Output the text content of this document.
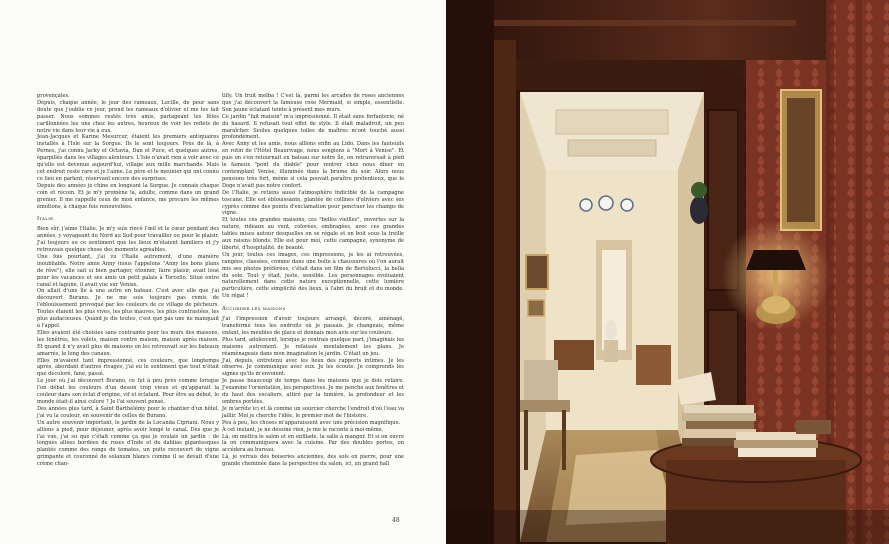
provençales.

Depuis, chaque année, le jour des rameaux, Lucille, de peur sans doute que j'oublie ce jour, prend les rameaux d'olivier et me les fait passer. Nous sommes restés très amis, partageant les fêtes carillonnées les uns chez les autres, heureux de voir les reflets de notre vie dans leur vie à eux.

Jean-Jacques et Karine Mesurcur, étaient les premiers antiquaires installés à l'Isle sur la Sorgue. Ils le sont toujours. Près de là, à Pernes, j'ai connu Jacky et Octavia, Dan et Puce, et quelques autres, éparpillés dans les villages alentours. L'Isle n'avait rien à voir avec ce qu'elle est devenue aujourd'hui, village aux mille marchands. Mais cet endroit reste rare et je l'aime. Le père et le meunier qui ont connu ce lieu en parlent, réservant encore des surprises.

Depuis des années je chine en longeant la Sorgue. Je connais chaque coin et recoin. Et je m'y promène là, adulte, comme dans un grand grenier. Il me rappelle ceux de mon enfance, me procure les mêmes émotions, à chaque fois renouvelées.

Italie

Bien sûr, j'aime l'Italie. Je m'y suis rincé l'œil et le cœur pendant des années, y voyageant du Nord au Sud pour travailler ou pour le plaisir. J'ai toujours eu ce sentiment que les lieux m'étaient familiers et j'y retrouvais quelque chose des moments agréables.

Une fois pourtant, j'ai vu l'Italie autrement, d'une manière inoubliable. Notre amie Anny (nous l'appelons "Anny les bons plans de rêve"), elle sait si bien partager, étonner, faire plaisir, avait loué pour les vacances et ses amis un petit palais à Torcello. Situé entre canal et lagune, il avait vue sur Venise.

On allait d'une île à une autre en bateau. C'est avec elle que j'ai découvert Burano. Je ne me suis toujours pas remis de l'éblouissement provoqué par les couleurs de ce village de pêcheurs. Toutes étaient les plus vives, les plus mauves, les plus contrastées, les plus audacieuses. Quand je dis toutes, c'est que pas une ne manquait à l'appel.

Elles avaient été choisies sans contrainte pour les murs des maisons, les fenêtres, les volets, maison contre maison, maison après maison. Et quand il n'y avait plus de maisons on les retrouvait sur les bateaux amarrés, le long des canaux.

Elles m'avaient tant impressionné, ces couleurs, que longtemps après, abordant d'autres rivages, j'ai eu le sentiment que tout n'était que décoloré, fané, passé.

Le jour où j'ai découvert Burano, ce fut à peu près comme lorsque l'on débat les couleurs d'un dessin trop vieux et qu'apparait la couleur dans son éclat d'origine, vif et éclatant. Pour être au début, le monde était-il ainsi coloré ? Je l'ai souvent pensé.

Des années plus tard, à Saint Barthélémy pour le chantier d'un hôtel, j'ai vu la couleur, en souvenir de celles de Burano.

Un autre souvenir important, le jardin de la Locanda Cipriani. Nous y allions à pied, pour déjeuner, après avoir longé le canal. Dès que je l'ai vue, j'ai su que c'était comme ça que je voulais un jardin : de longues allées bordées de roses d'Inde et de dahlias gigantesques plantés comme des rangs de tomates, un puits recouvert de vigne grimpante et couronné de solanum blancs comme il se devait d'une crème chan-

tilly. Un fruit melba ! C'est là, parmi les arcades de roses anciennes que j'ai découvert la fameuse rose Mermaid, si simple, essentielle. Son jaune éclatant teinte à présent mes murs.

Ce jardin "fait maison" m'a impressionné. Il était sans forfanterie, né du hasard. Il refusait tout effet de style. Il était maladroit, un peu maraîcher. Seules quelques toiles de maîtres m'ont touché aussi profondément.

Avec Anny et les amis, nous allions enfin au Lido. Dans les fauteuils en rotin de l'Hôtel Beaurivage, nous songions à "Mort à Venise". Et puis on s'en retournait en bateau sur notre île, on retraversait à pied le fameux "pont du diable" pour rentrer chez nous dîner en contemplant Venise, illuminée dans la brume du soir. Alors nous pensions très fort, même si cela pouvait paraître prétentieux, que le Doge n'avait pas notre confort.

De l'Italie, je retiens aussi l'atmosphère indicible de la campagne toscane. Elle est éblouissante, plantée de collines d'oliviers avec ses cyprès comme des points d'exclamation pour ponctuer les champs de vigne.

Et toutes ces grandes maisons, ces "belles vieilles", ouvertes sur la nature, rideaux au vent, colorées, ombragées, avec ces grandes tables mises autour desquelles on se régale et on boit sous la treille aux raisins blonds. Elle est pour moi, cette campagne, synonyme de liberté, d'hospitalité, de beauté.

Un jour, toutes ces images, ces impressions, je les ai retrouvées, rangées, classées, comme dans une boîte à chaussures où l'on aurait mis ses photos préférées, c'était dans un film de Bertolucci, la bella du sole. Tout y était, juste, sensible. Les personnages évoluaient naturellement dans cette nature exceptionnelle, cette lumière particulière, cette simplicité des lieux, à l'abri du bruit et du monde. Un régal !

Accorder les maisons

J'ai l'impression d'avoir toujours arrangé, décoré, aménagé, transformé tous les endroits où je passais. Je changeais, même enfant, les meubles de place et donnais mon avis sur les couleurs.

Plus tard, adolescent, lorsque je rentrais quelque part, j'imaginais les maisons autrement. Je refaisais mentalement les plans. Je réaménageais dans mon imagination le jardin. C'était un jeu.

J'ai, depuis, entretenu avec les lieux des rapports intimes. Je les observe. Je communique avec eux. Je les écoute. Je comprends les signes qu'ils m'envoient.

Je passe beaucoup de temps dans les maisons que je dois refaire. J'examine l'orientation, les perspectives. Je me penche aux fenêtres et du haut des escaliers, attiré par la lumière, la profondeur et les ombres portées.

Je m'arrête ici et là comme un sourcier cherche l'endroit d'où l'eau va jaillir. Moi je cherche l'idée, le premier mot de l'histoire.

Peu à peu, les choses m'apparaissent avec une précision magnifique.

À cet instant, je ne dessine rien, je me le raconte à moi-même.

Là, on mettra le salon et en enfilade, la salle à manger. Et si on ouvre là on communiquera avec la cuisine. Par des doubles portes, on accédera au bureau.

Là, je verrais des boiseries anciennes, des sols en pierre, pour une grande cheminée dans la perspective du salon, ici, un grand hall

48
